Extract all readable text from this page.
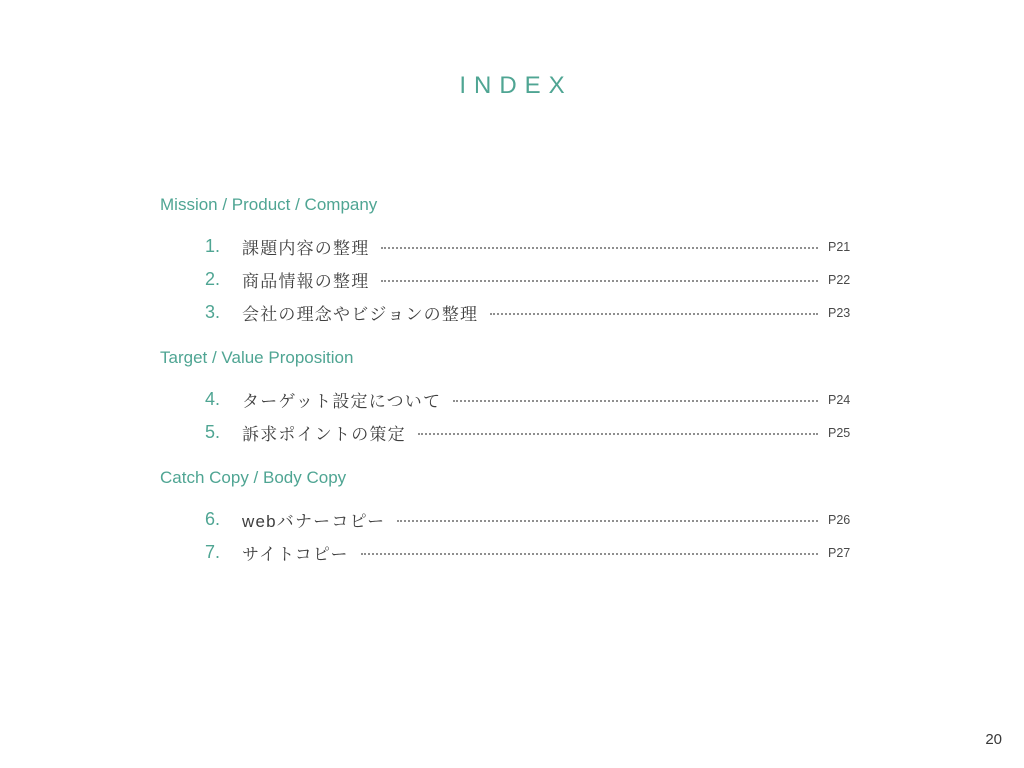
INDEX
Mission / Product / Company
1. 課題内容の整理	P21
2. 商品情報の整理	P22
3. 会社の理念やビジョンの整理	P23
Target / Value Proposition
4. ターゲット設定について	P24
5. 訴求ポイントの策定	P25
Catch Copy / Body Copy
6. webバナーコピー	P26
7. サイトコピー	P27
20
